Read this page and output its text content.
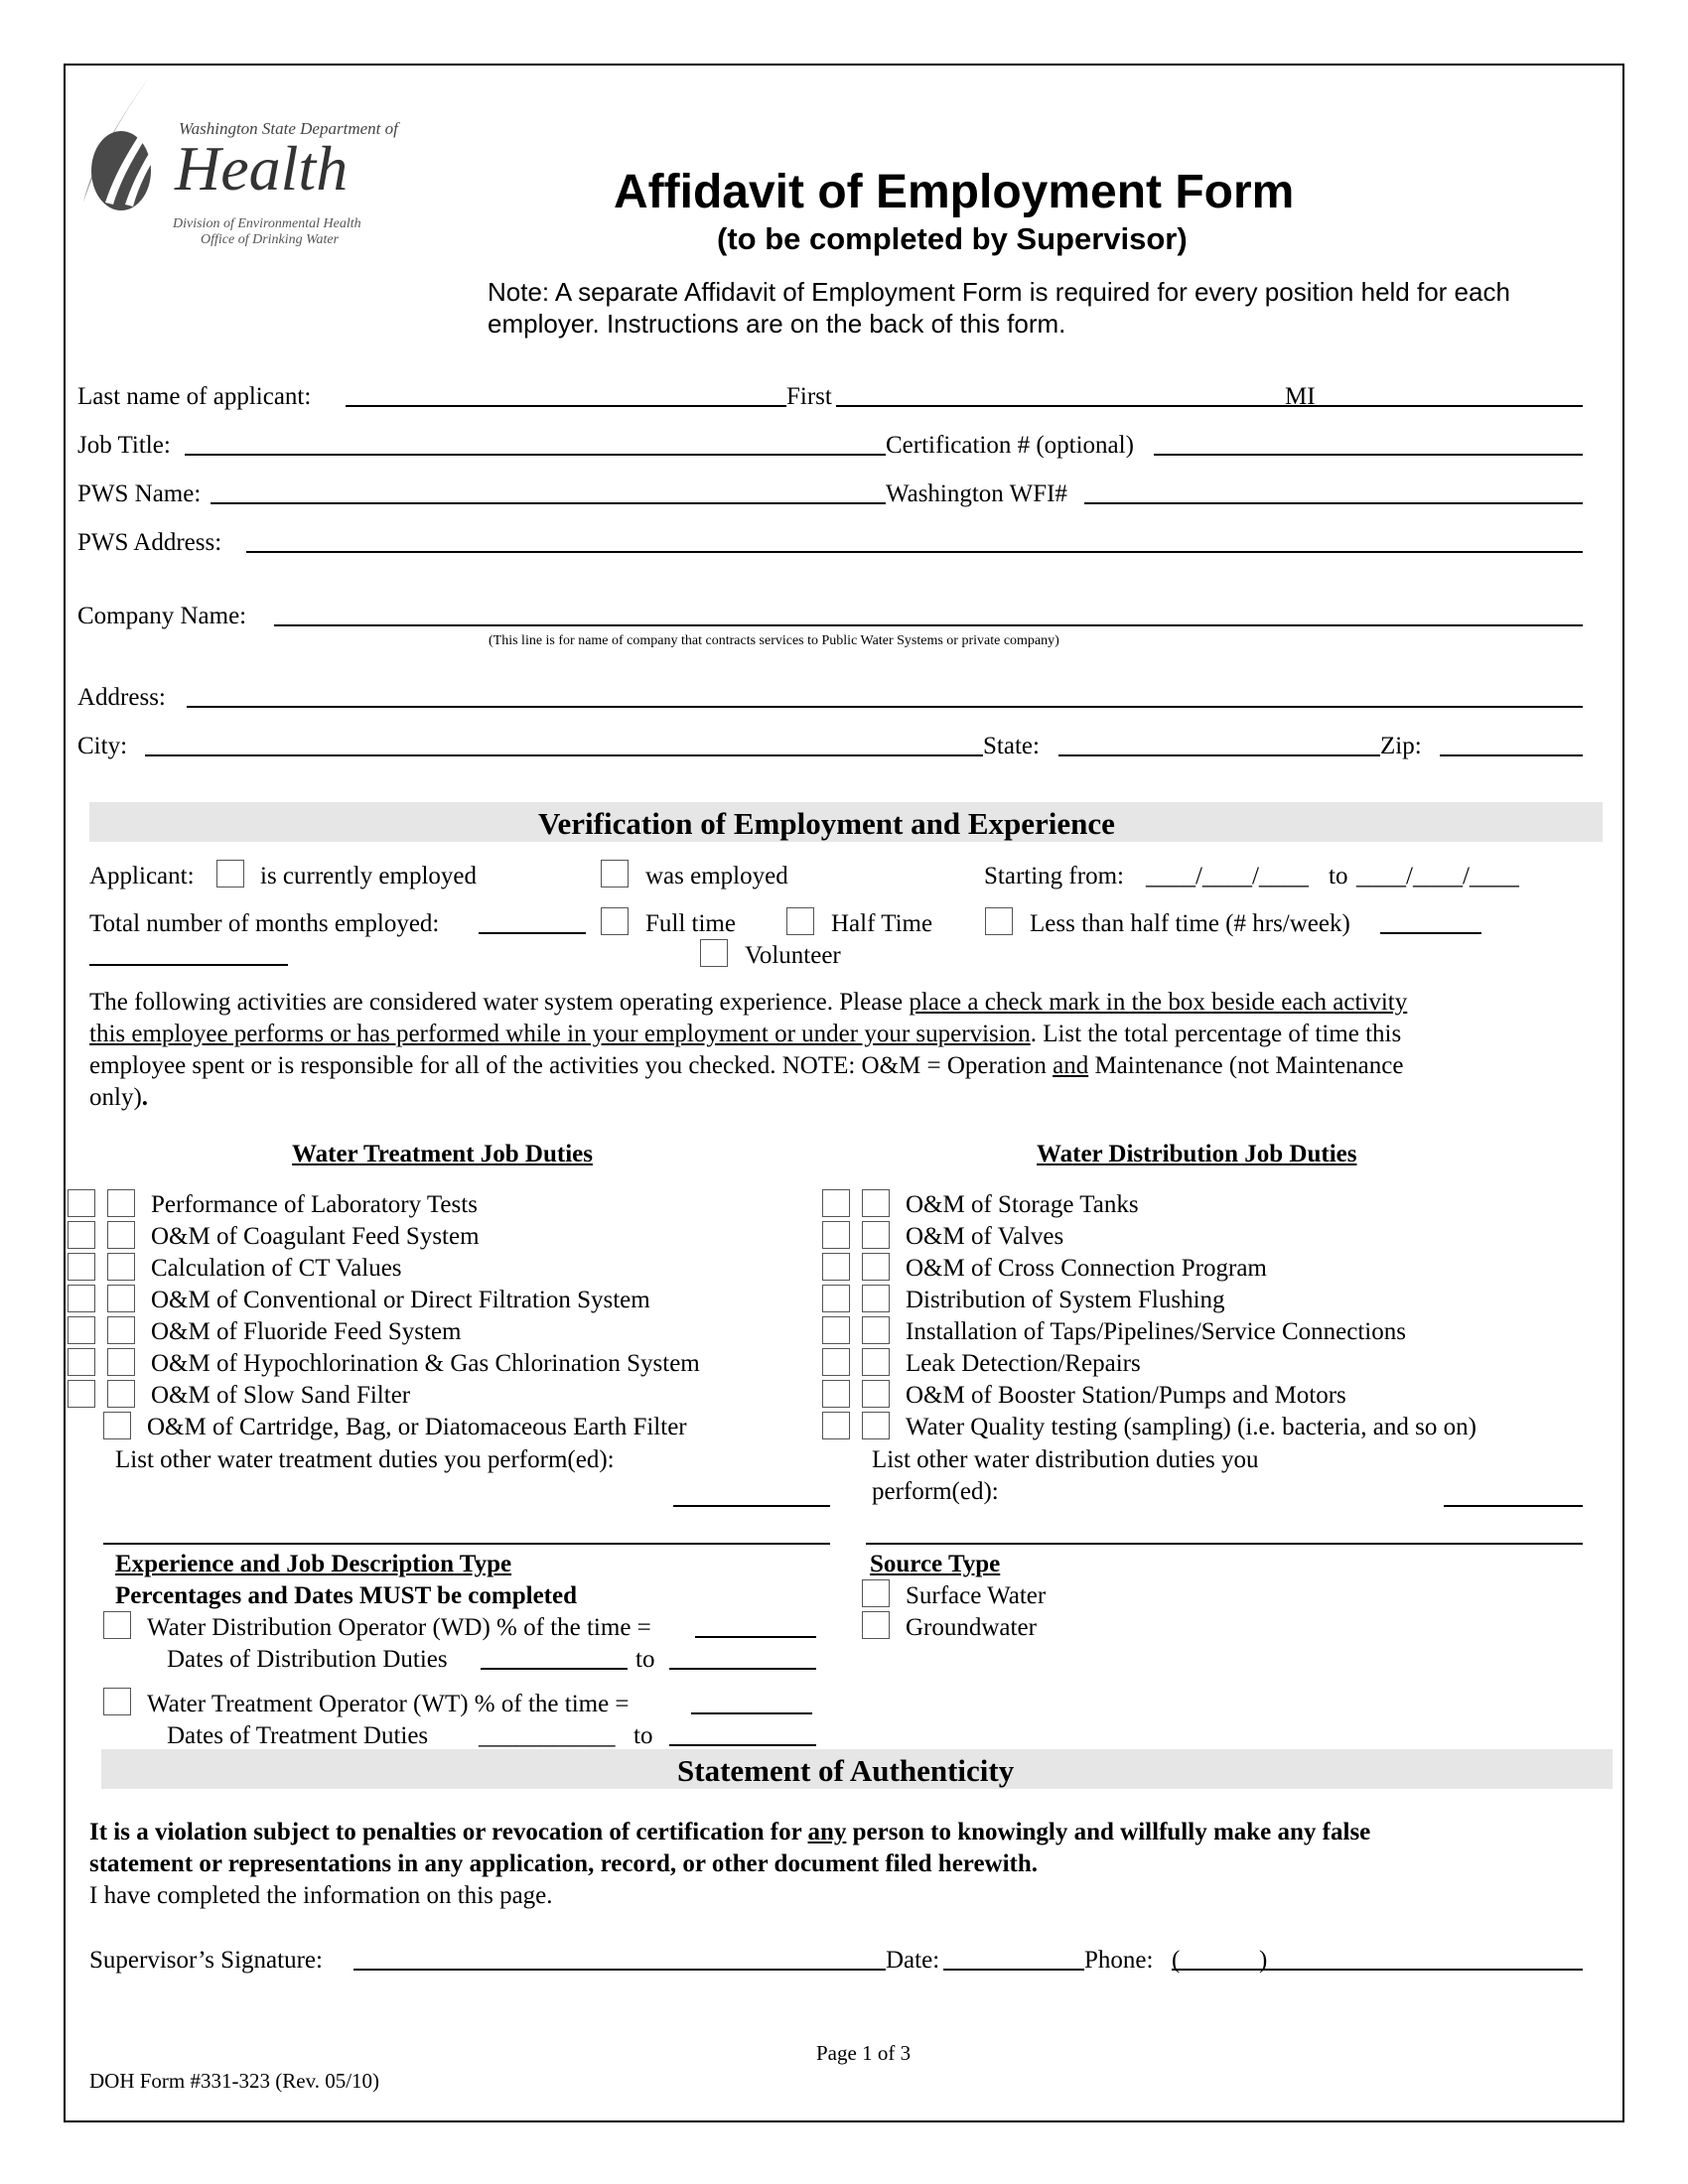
Washington State Department of
Health
Division of Environmental Health
Office of Drinking Water
Affidavit of Employment Form
(to be completed by Supervisor)
Note: A separate Affidavit of Employment Form is required for every position held for each
employer. Instructions are on the back of this form.
Last name of applicant:	First	MI
Job Title:	Certification # (optional)
PWS Name:	Washington WFI#
PWS Address:
Company Name:
(This line is for name of company that contracts services to Public Water Systems or private company)
Address:
City:	State:	Zip:
Verification of Employment and Experience
Applicant:	is currently employed	was employed	Starting from: ____/____/____ to ____/____/____
Total number of months employed:	Full time	Half Time	Less than half time (# hrs/week)
Volunteer
The following activities are considered water system operating experience. Please place a check mark in the box beside each activity
this employee performs or has performed while in your employment or under your supervision. List the total percentage of time this
employee spent or is responsible for all of the activities you checked. NOTE: O&M = Operation and Maintenance (not Maintenance
only).
Water Treatment Job Duties	Water Distribution Job Duties
Performance of Laboratory Tests
O&M of Coagulant Feed System
Calculation of CT Values
O&M of Conventional or Direct Filtration System
O&M of Fluoride Feed System
O&M of Hypochlorination & Gas Chlorination System
O&M of Slow Sand Filter
O&M of Cartridge, Bag, or Diatomaceous Earth Filter
List other water treatment duties you perform(ed):
O&M of Storage Tanks
O&M of Valves
O&M of Cross Connection Program
Distribution of System Flushing
Installation of Taps/Pipelines/Service Connections
Leak Detection/Repairs
O&M of Booster Station/Pumps and Motors
Water Quality testing (sampling) (i.e. bacteria, and so on)
List other water distribution duties you
perform(ed):
Experience and Job Description Type
Percentages and Dates MUST be completed
Water Distribution Operator (WD) % of the time =
Dates of Distribution Duties	to
Water Treatment Operator (WT) % of the time =
Dates of Treatment Duties ___________ to
Source Type
Surface Water
Groundwater
Statement of Authenticity
It is a violation subject to penalties or revocation of certification for any person to knowingly and willfully make any false
statement or representations in any application, record, or other document filed herewith.
I have completed the information on this page.
Supervisor’s Signature:	Date:	Phone: (	)
Page 1 of 3
DOH Form #331-323 (Rev. 05/10)
